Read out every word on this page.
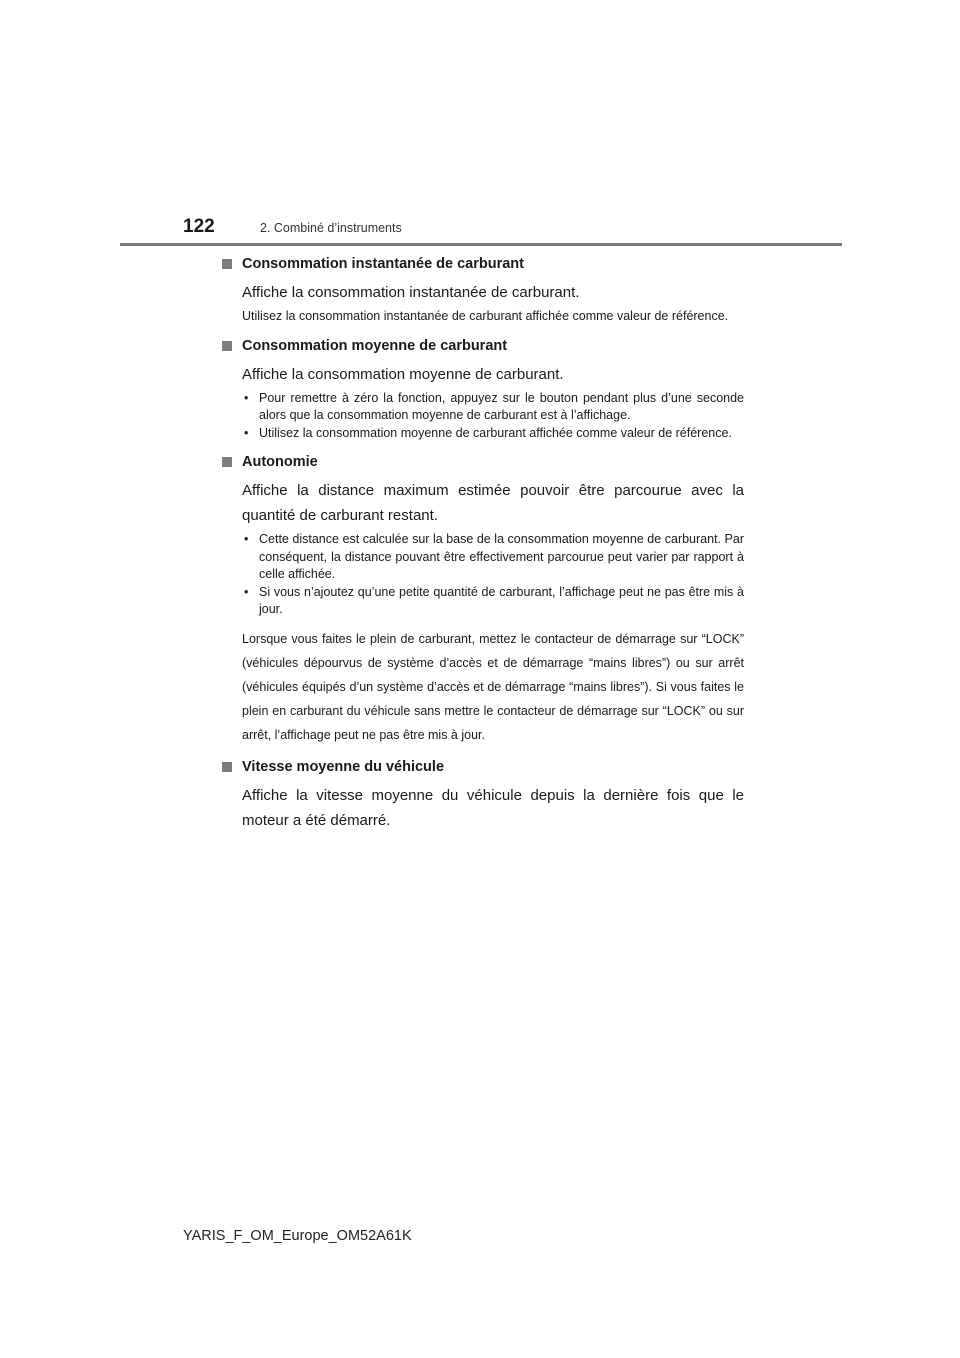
122	2. Combiné d’instruments
Consommation instantanée de carburant

Affiche la consommation instantanée de carburant.

Utilisez la consommation instantanée de carburant affichée comme valeur de référence.

Consommation moyenne de carburant

Affiche la consommation moyenne de carburant.

• Pour remettre à zéro la fonction, appuyez sur le bouton pendant plus d’une seconde alors que la consommation moyenne de carburant est à l’affichage.
• Utilisez la consommation moyenne de carburant affichée comme valeur de référence.
Autonomie

Affiche la distance maximum estimée pouvoir être parcourue avec la quantité de carburant restant.

• Cette distance est calculée sur la base de la consommation moyenne de carburant. Par conséquent, la distance pouvant être effectivement parcourue peut varier par rapport à celle affichée.
• Si vous n’ajoutez qu’une petite quantité de carburant, l’affichage peut ne pas être mis à jour.

Lorsque vous faites le plein de carburant, mettez le contacteur de démarrage sur “LOCK” (véhicules dépourvus de système d’accès et de démarrage “mains libres”) ou sur arrêt (véhicules équipés d’un système d’accès et de démarrage “mains libres”). Si vous faites le plein en carburant du véhicule sans mettre le contacteur de démarrage sur “LOCK” ou sur arrêt, l’affichage peut ne pas être mis à jour.

Vitesse moyenne du véhicule

Affiche la vitesse moyenne du véhicule depuis la dernière fois que le moteur a été démarré.

YARIS_F_OM_Europe_OM52A61K
